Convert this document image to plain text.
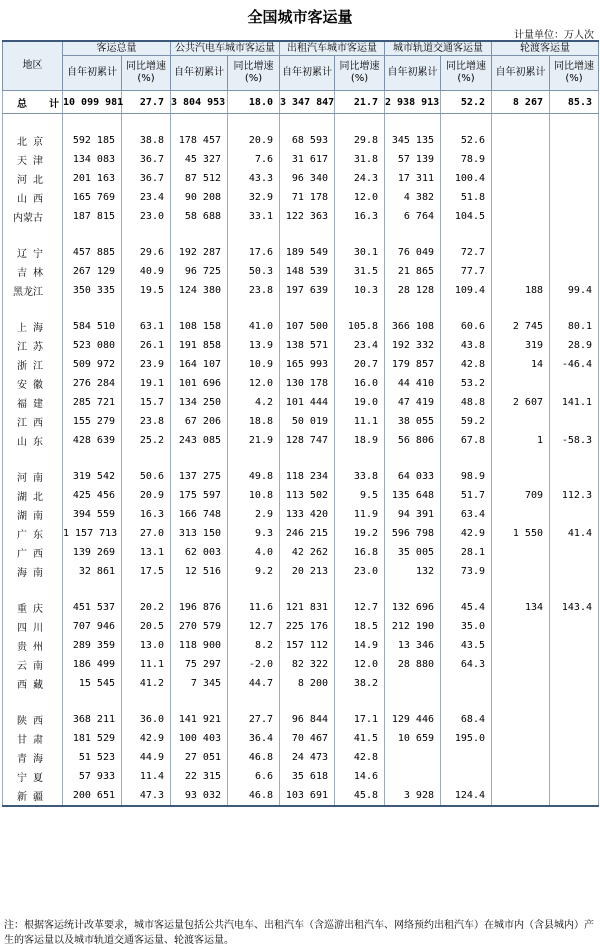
全国城市客运量
计量单位：万人次
地区	客运总量		公共汽电车城市客运量		出租汽车城市客运量		城市轨道交通客运量		轮渡客运量	
	自年初累计	同比增速(%)	自年初累计	同比增速(%)	自年初累计	同比增速(%)	自年初累计	同比增速(%)	自年初累计	同比增速(%)
总　计	10 099 981	27.7	3 804 953	18.0	3 347 847	21.7	2 938 913	52.2	8 267	85.3

北京	592 185	38.8	178 457	20.9	68 593	29.8	345 135	52.6		
天津	134 083	36.7	45 327	7.6	31 617	31.8	57 139	78.9		
河北	201 163	36.7	87 512	43.3	96 340	24.3	17 311	100.4		
山西	165 769	23.4	90 208	32.9	71 178	12.0	4 382	51.8		
内蒙古	187 815	23.0	58 688	33.1	122 363	16.3	6 764	104.5		

辽宁	457 885	29.6	192 287	17.6	189 549	30.1	76 049	72.7		
吉林	267 129	40.9	96 725	50.3	148 539	31.5	21 865	77.7		
黑龙江	350 335	19.5	124 380	23.8	197 639	10.3	28 128	109.4	188	99.4

上海	584 510	63.1	108 158	41.0	107 500	105.8	366 108	60.6	2 745	80.1
江苏	523 080	26.1	191 858	13.9	138 571	23.4	192 332	43.8	319	28.9
浙江	509 972	23.9	164 107	10.9	165 993	20.7	179 857	42.8	14	-46.4
安徽	276 284	19.1	101 696	12.0	130 178	16.0	44 410	53.2		
福建	285 721	15.7	134 250	4.2	101 444	19.0	47 419	48.8	2 607	141.1
江西	155 279	23.8	67 206	18.8	50 019	11.1	38 055	59.2		
山东	428 639	25.2	243 085	21.9	128 747	18.9	56 806	67.8	1	-58.3

河南	319 542	50.6	137 275	49.8	118 234	33.8	64 033	98.9		
湖北	425 456	20.9	175 597	10.8	113 502	9.5	135 648	51.7	709	112.3
湖南	394 559	16.3	166 748	2.9	133 420	11.9	94 391	63.4		
广东	1 157 713	27.0	313 150	9.3	246 215	19.2	596 798	42.9	1 550	41.4
广西	139 269	13.1	62 003	4.0	42 262	16.8	35 005	28.1		
海南	32 861	17.5	12 516	9.2	20 213	23.0	132	73.9		

重庆	451 537	20.2	196 876	11.6	121 831	12.7	132 696	45.4	134	143.4
四川	707 946	20.5	270 579	12.7	225 176	18.5	212 190	35.0		
贵州	289 359	13.0	118 900	8.2	157 112	14.9	13 346	43.5		
云南	186 499	11.1	75 297	-2.0	82 322	12.0	28 880	64.3		
西藏	15 545	41.2	7 345	44.7	8 200	38.2				

陕西	368 211	36.0	141 921	27.7	96 844	17.1	129 446	68.4		
甘肃	181 529	42.9	100 403	36.4	70 467	41.5	10 659	195.0		
青海	51 523	44.9	27 051	46.8	24 473	42.8				
宁夏	57 933	11.4	22 315	6.6	35 618	14.6				
新疆	200 651	47.3	93 032	46.8	103 691	45.8	3 928	124.4		
注：根据客运统计改革要求，城市客运量包括公共汽电车、出租汽车（含巡游出租汽车、网络预约出租汽车）在城市内（含县城内）产生的客运量以及城市轨道交通客运量、轮渡客运量。
